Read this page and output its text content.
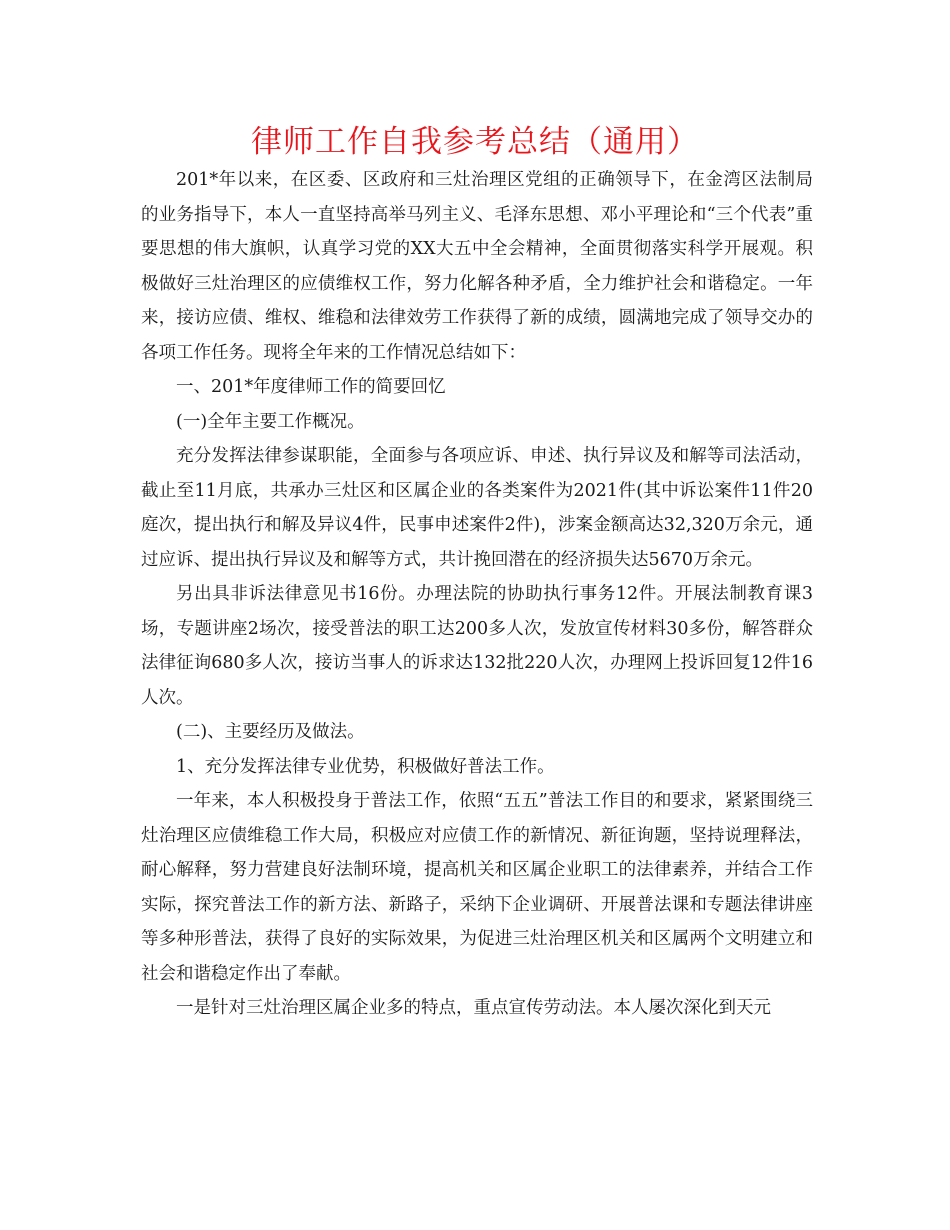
律师工作自我参考总结（通用）

201*年以来，在区委、区政府和三灶治理区党组的正确领导下，在金湾区法制局的业务指导下，本人一直坚持高举马列主义、毛泽东思想、邓小平理论和“三个代表”重要思想的伟大旗帜，认真学习党的XX大五中全会精神，全面贯彻落实科学开展观。积极做好三灶治理区的应债维权工作，努力化解各种矛盾，全力维护社会和谐稳定。一年来，接访应债、维权、维稳和法律效劳工作获得了新的成绩，圆满地完成了领导交办的各项工作任务。现将全年来的工作情况总结如下：

一、201*年度律师工作的简要回忆

(一)全年主要工作概况。

充分发挥法律参谋职能，全面参与各项应诉、申述、执行异议及和解等司法活动，截止至11月底，共承办三灶区和区属企业的各类案件为2021件(其中诉讼案件11件20庭次，提出执行和解及异议4件，民事申述案件2件)，涉案金额高达32,320万余元，通过应诉、提出执行异议及和解等方式，共计挽回潜在的经济损失达5670万余元。

另出具非诉法律意见书16份。办理法院的协助执行事务12件。开展法制教育课3场，专题讲座2场次，接受普法的职工达200多人次，发放宣传材料30多份，解答群众法律征询680多人次，接访当事人的诉求达132批220人次，办理网上投诉回复12件16人次。

(二)、主要经历及做法。

1、充分发挥法律专业优势，积极做好普法工作。

一年来，本人积极投身于普法工作，依照“五五”普法工作目的和要求，紧紧围绕三灶治理区应债维稳工作大局，积极应对应债工作的新情况、新征询题，坚持说理释法，耐心解释，努力营建良好法制环境，提高机关和区属企业职工的法律素养，并结合工作实际，探究普法工作的新方法、新路子，采纳下企业调研、开展普法课和专题法律讲座等多种形普法，获得了良好的实际效果，为促进三灶治理区机关和区属两个文明建立和社会和谐稳定作出了奉献。

一是针对三灶治理区属企业多的特点，重点宣传劳动法。本人屡次深化到天元
